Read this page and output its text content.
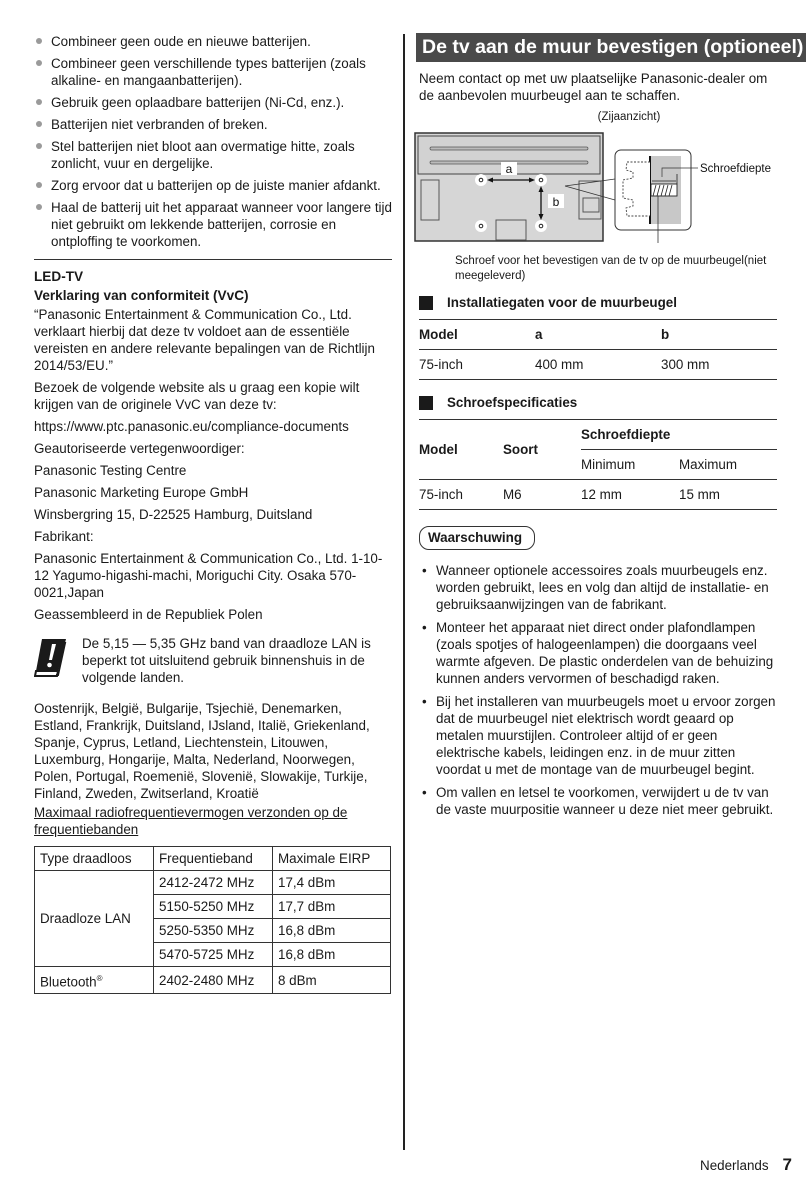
Combineer geen oude en nieuwe batterijen.
Combineer geen verschillende types batterijen (zoals alkaline- en mangaanbatterijen).
Gebruik geen oplaadbare batterijen (Ni-Cd, enz.).
Batterijen niet verbranden of breken.
Stel batterijen niet bloot aan overmatige hitte, zoals zonlicht, vuur en dergelijke.
Zorg ervoor dat u batterijen op de juiste manier afdankt.
Haal de batterij uit het apparaat wanneer voor langere tijd niet gebruikt om lekkende batterijen, corrosie en ontploffing te voorkomen.
LED-TV
Verklaring van conformiteit (VvC)

“Panasonic Entertainment & Communication Co., Ltd. verklaart hierbij dat deze tv voldoet aan de essentiële vereisten en andere relevante bepalingen van de Richtlijn 2014/53/EU.”

Bezoek de volgende website als u graag een kopie wilt krijgen van de originele VvC van deze tv:

https://www.ptc.panasonic.eu/compliance-documents

Geautoriseerde vertegenwoordiger:

Panasonic Testing Centre

Panasonic Marketing Europe GmbH

Winsbergring 15, D-22525 Hamburg, Duitsland

Fabrikant:

Panasonic Entertainment & Communication Co., Ltd. 1-10-12 Yagumo-higashi-machi, Moriguchi City. Osaka 570-0021,Japan

Geassembleerd in de Republiek Polen

De 5,15 — 5,35 GHz band van draadloze LAN is beperkt tot uitsluitend gebruik binnenshuis in de volgende landen.

Oostenrijk, België, Bulgarije, Tsjechië, Denemarken, Estland, Frankrijk, Duitsland, IJsland, Italië, Griekenland, Spanje, Cyprus, Letland, Liechtenstein, Litouwen, Luxemburg, Hongarije, Malta, Nederland, Noorwegen, Polen, Portugal, Roemenië, Slovenië, Slowakije, Turkije, Finland, Zweden, Zwitserland, Kroatië

Maximaal radiofrequentievermogen verzonden op de frequentiebanden
Type draadloos	Frequentieband	Maximale EIRP
Draadloze LAN	2412-2472 MHz	17,4 dBm
	5150-5250 MHz	17,7 dBm
	5250-5350 MHz	16,8 dBm
	5470-5725 MHz	16,8 dBm
Bluetooth®	2402-2480 MHz	8 dBm
De tv aan de muur bevestigen (optioneel)

Neem contact op met uw plaatselijke Panasonic-dealer om de aanbevolen muurbeugel aan te schaffen.

(Zijaanzicht)
a
b
Schroefdiepte
Schroef voor het bevestigen van de tv op de muurbeugel(niet meegeleverd)
Installatiegaten voor de muurbeugel
Model	a	b
75-inch	400 mm	300 mm
Schroefspecificaties
Model	Soort	Schroefdiepte	
		Minimum	Maximum
75-inch	M6	12 mm	15 mm
Waarschuwing
• Wanneer optionele accessoires zoals muurbeugels enz. worden gebruikt, lees en volg dan altijd de installatie- en gebruiksaanwijzingen van de fabrikant.
• Monteer het apparaat niet direct onder plafondlampen (zoals spotjes of halogeenlampen) die doorgaans veel warmte afgeven. De plastic onderdelen van de behuizing kunnen anders vervormen of beschadigd raken.
• Bij het installeren van muurbeugels moet u ervoor zorgen dat de muurbeugel niet elektrisch wordt geaard op metalen muurstijlen. Controleer altijd of er geen elektrische kabels, leidingen enz. in de muur zitten voordat u met de montage van de muurbeugel begint.
• Om vallen en letsel te voorkomen, verwijdert u de tv van de vaste muurpositie wanneer u deze niet meer gebruikt.
Nederlands 7
